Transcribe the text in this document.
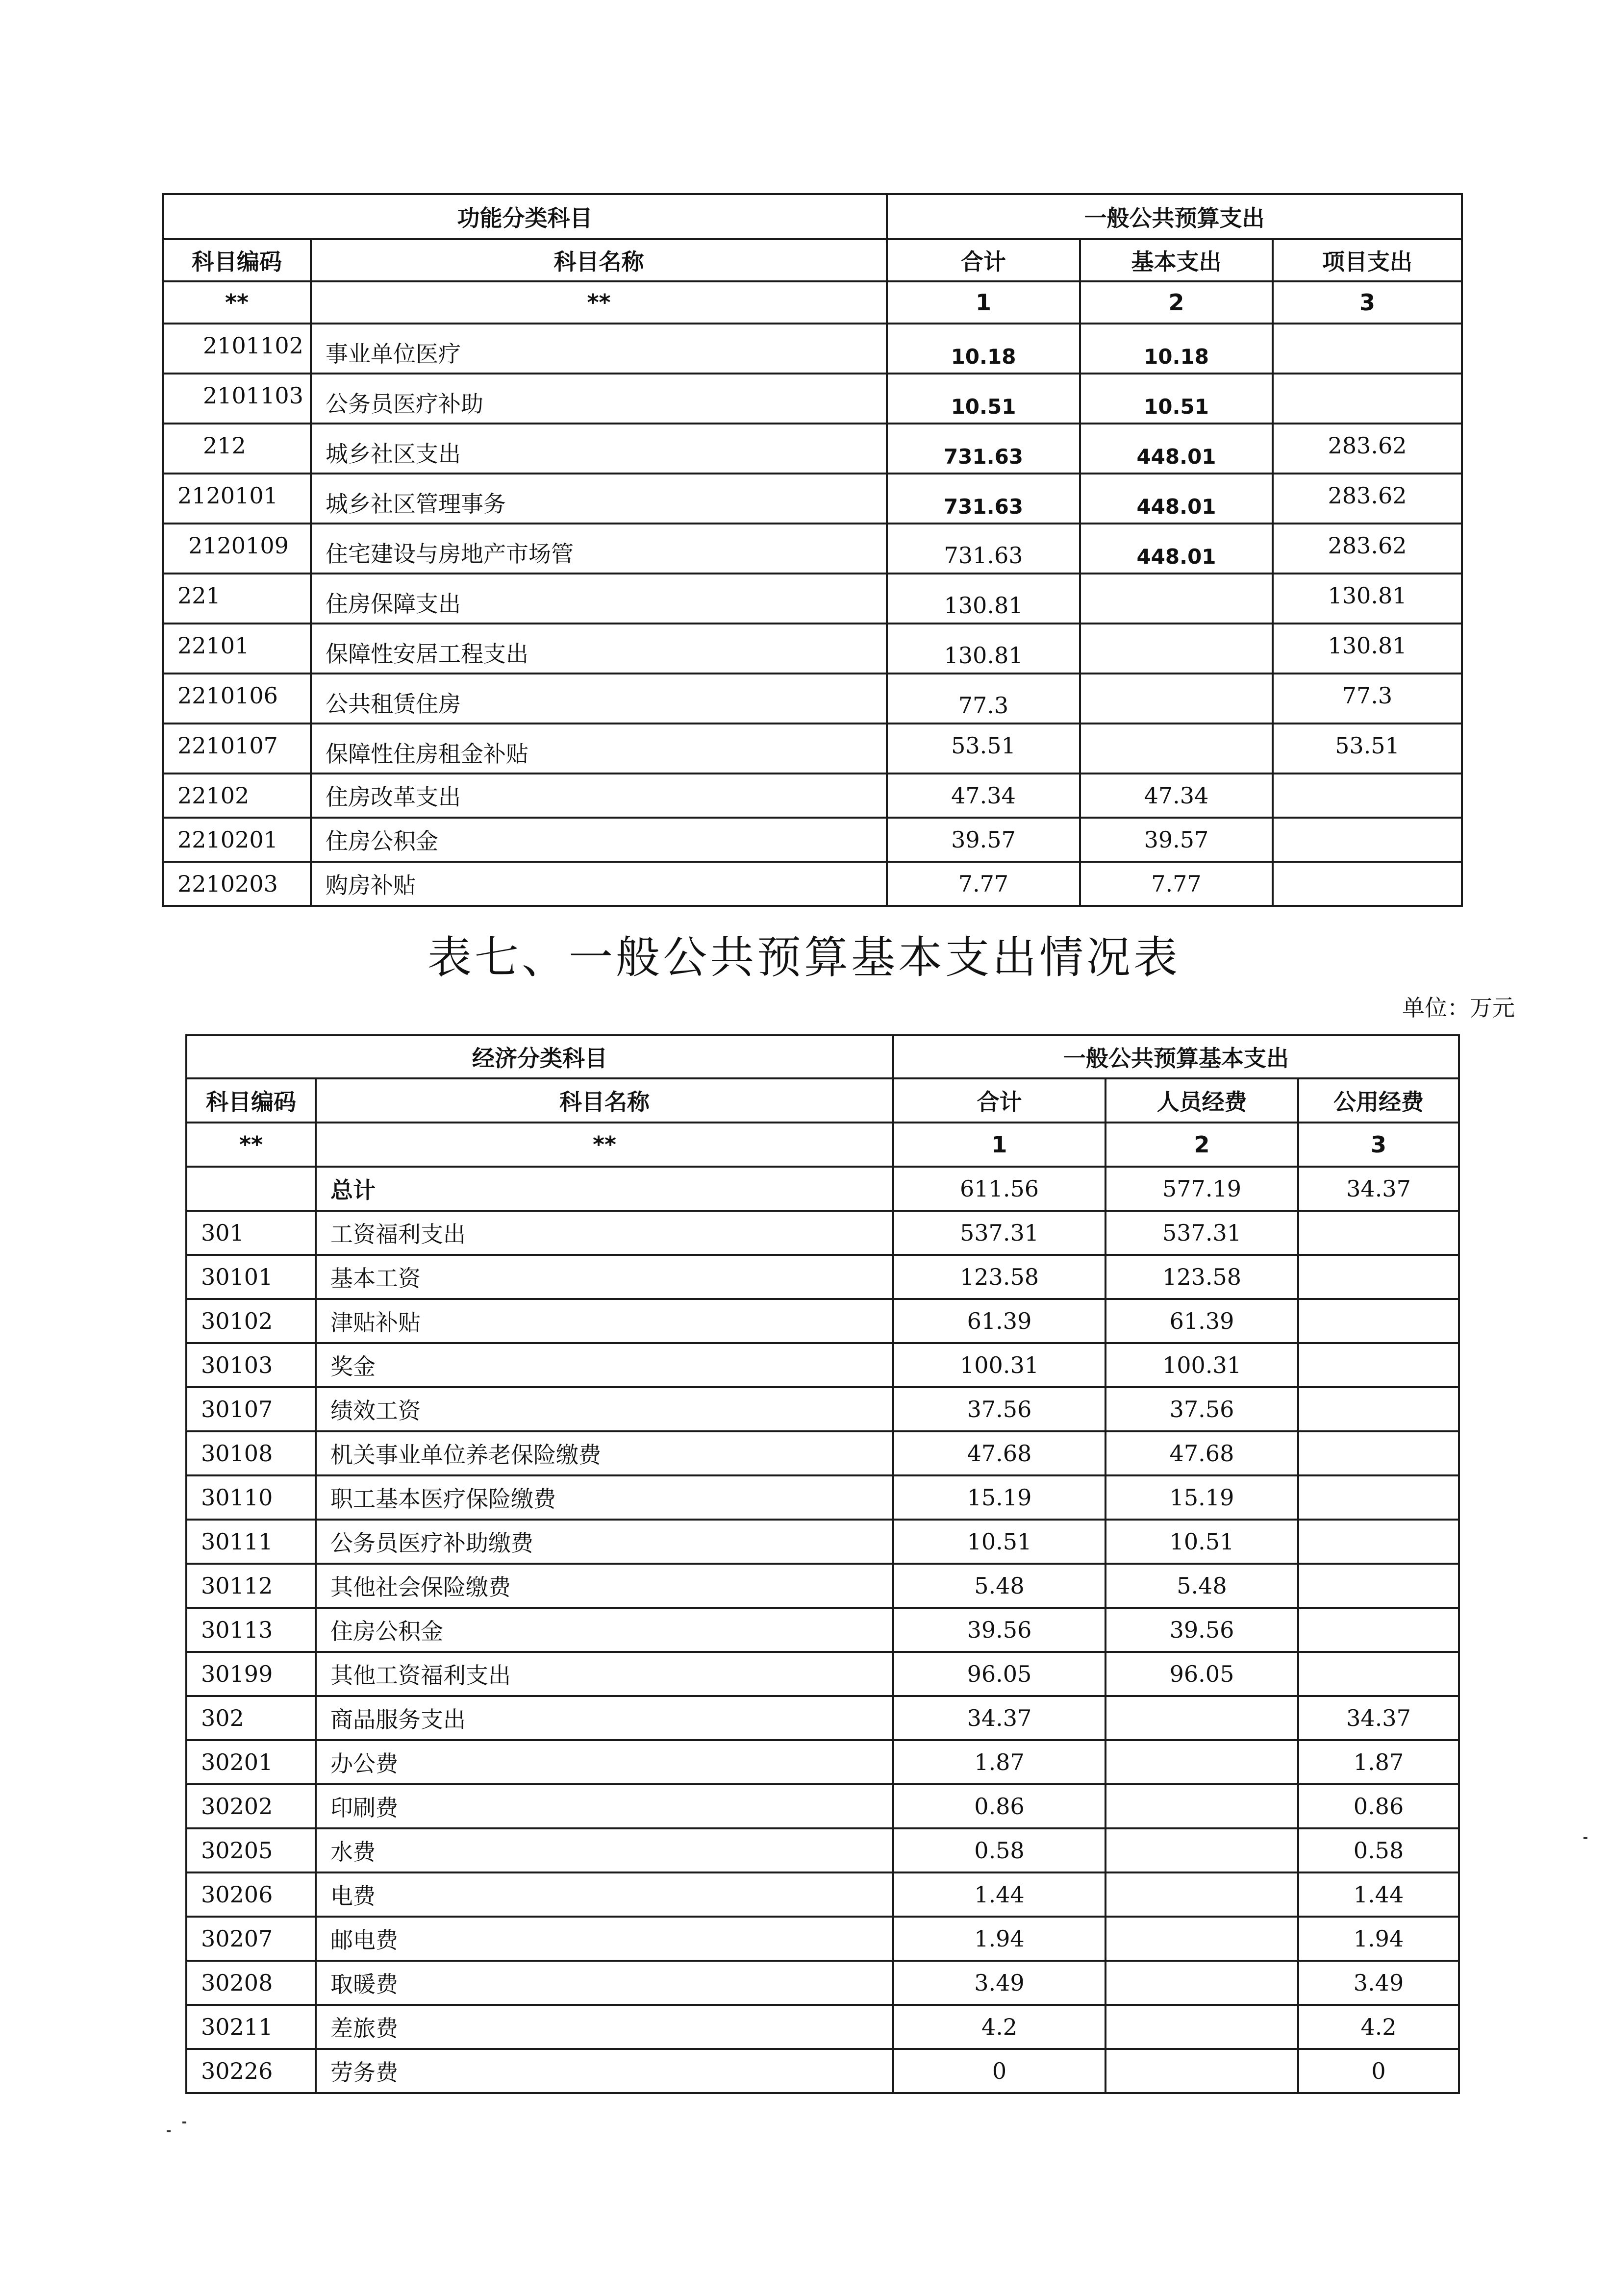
功能分类科目		一般公共预算支出		
科目编码	科目名称	合计	基本支出	项目支出
**	**	1	2	3
2101102	事业单位医疗	10.18	10.18	
2101103	公务员医疗补助	10.51	10.51	
212	城乡社区支出	731.63	448.01	283.62
2120101	城乡社区管理事务	731.63	448.01	283.62
2120109	住宅建设与房地产市场管	731.63	448.01	283.62
221	住房保障支出	130.81		130.81
22101	保障性安居工程支出	130.81		130.81
2210106	公共租赁住房	77.3		77.3
2210107	保障性住房租金补贴	53.51		53.51
22102	住房改革支出	47.34	47.34	
2210201	住房公积金	39.57	39.57	
2210203	购房补贴	7.77	7.77	
表七、一般公共预算基本支出情况表
单位：万元
经济分类科目		一般公共预算基本支出		
科目编码	科目名称	合计	人员经费	公用经费
**	**	1	2	3
	总计	611.56	577.19	34.37
301	工资福利支出	537.31	537.31	
30101	基本工资	123.58	123.58	
30102	津贴补贴	61.39	61.39	
30103	奖金	100.31	100.31	
30107	绩效工资	37.56	37.56	
30108	机关事业单位养老保险缴费	47.68	47.68	
30110	职工基本医疗保险缴费	15.19	15.19	
30111	公务员医疗补助缴费	10.51	10.51	
30112	其他社会保险缴费	5.48	5.48	
30113	住房公积金	39.56	39.56	
30199	其他工资福利支出	96.05	96.05	
302	商品服务支出	34.37		34.37
30201	办公费	1.87		1.87
30202	印刷费	0.86		0.86
30205	水费	0.58		0.58
30206	电费	1.44		1.44
30207	邮电费	1.94		1.94
30208	取暖费	3.49		3.49
30211	差旅费	4.2		4.2
30226	劳务费	0		0
